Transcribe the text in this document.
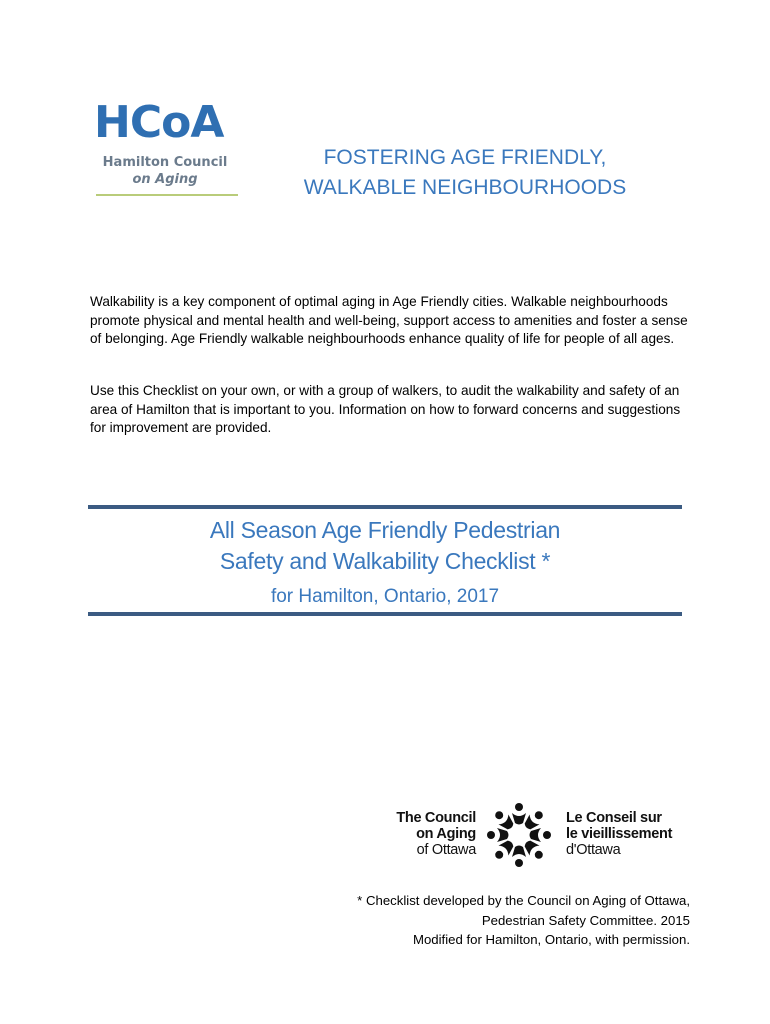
HCoA
Hamilton Council
on Aging
FOSTERING AGE FRIENDLY,
WALKABLE NEIGHBOURHOODS

Walkability is a key component of optimal aging in Age Friendly cities. Walkable neighbourhoods promote physical and mental health and well-being, support access to amenities and foster a sense of belonging. Age Friendly walkable neighbourhoods enhance quality of life for people of all ages.

Use this Checklist on your own, or with a group of walkers, to audit the walkability and safety of an area of Hamilton that is important to you. Information on how to forward concerns and suggestions for improvement are provided.

All Season Age Friendly Pedestrian
Safety and Walkability Checklist *
for Hamilton, Ontario, 2017
The Council
on Aging
of Ottawa
Le Conseil sur
le vieillissement
d'Ottawa
* Checklist developed by the Council on Aging of Ottawa,
Pedestrian Safety Committee. 2015
Modified for Hamilton, Ontario, with permission.
